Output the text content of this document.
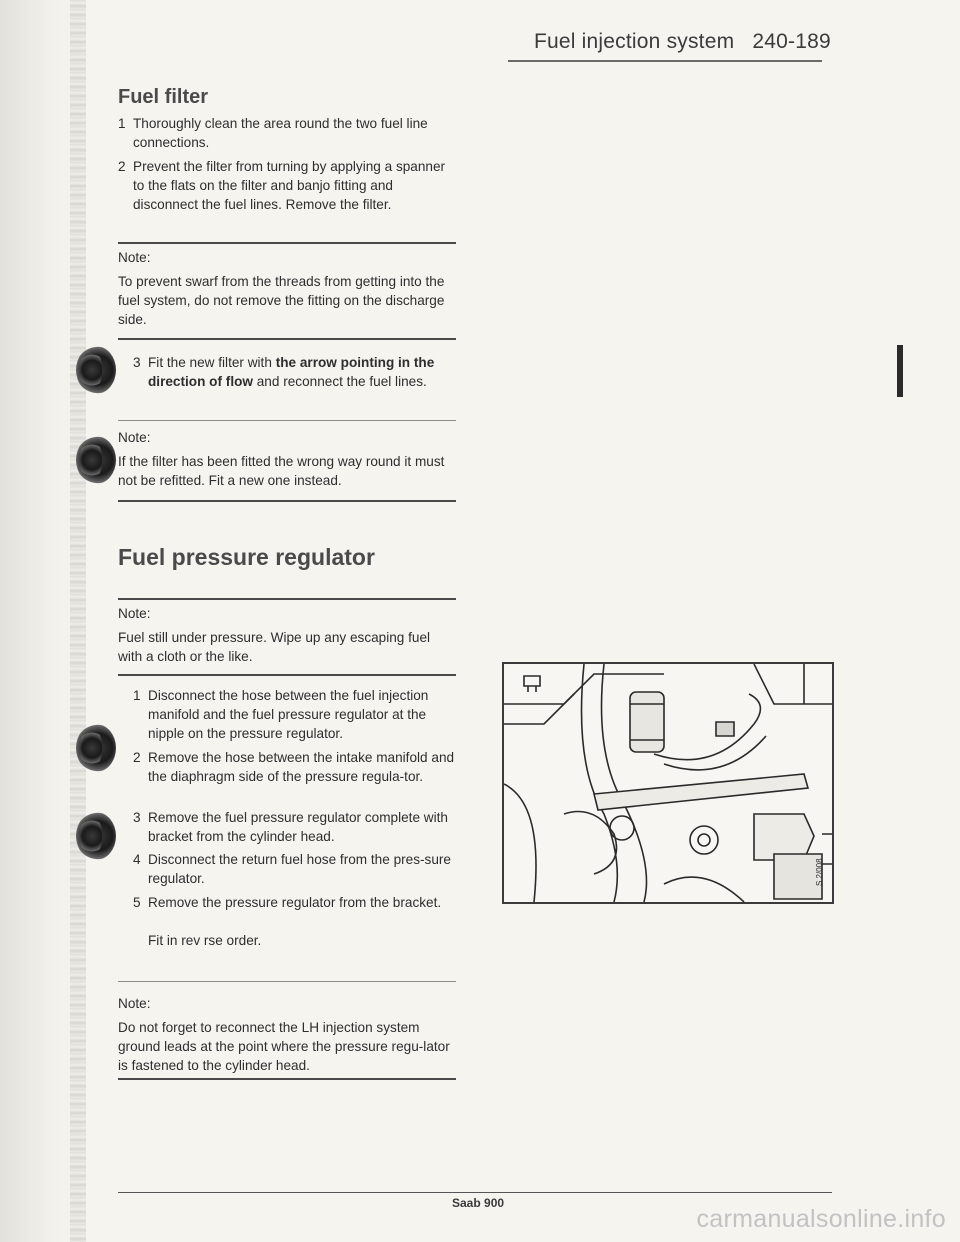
Fuel injection system   240-189
Fuel filter
1 Thoroughly clean the area round the two fuel line connections.
2 Prevent the filter from turning by applying a spanner to the flats on the filter and banjo fitting and disconnect the fuel lines. Remove the filter.
Note:
To prevent swarf from the threads from getting into the fuel system, do not remove the fitting on the discharge side.
3 Fit the new filter with the arrow pointing in the direction of flow and reconnect the fuel lines.
Note:
If the filter has been fitted the wrong way round it must not be refitted. Fit a new one instead.
Fuel pressure regulator
Note:
Fuel still under pressure. Wipe up any escaping fuel with a cloth or the like.
1 Disconnect the hose between the fuel injection manifold and the fuel pressure regulator at the nipple on the pressure regulator.
2 Remove the hose between the intake manifold and the diaphragm side of the pressure regula-tor.
3 Remove the fuel pressure regulator complete with bracket from the cylinder head.
4 Disconnect the return fuel hose from the pres-sure regulator.
5 Remove the pressure regulator from the bracket.
Fit in rev rse order.
Note:
Do not forget to reconnect the LH injection system ground leads at the point where the pressure regu-lator is fastened to the cylinder head.
S 2/008
Saab 900
carmanualsonline.info
